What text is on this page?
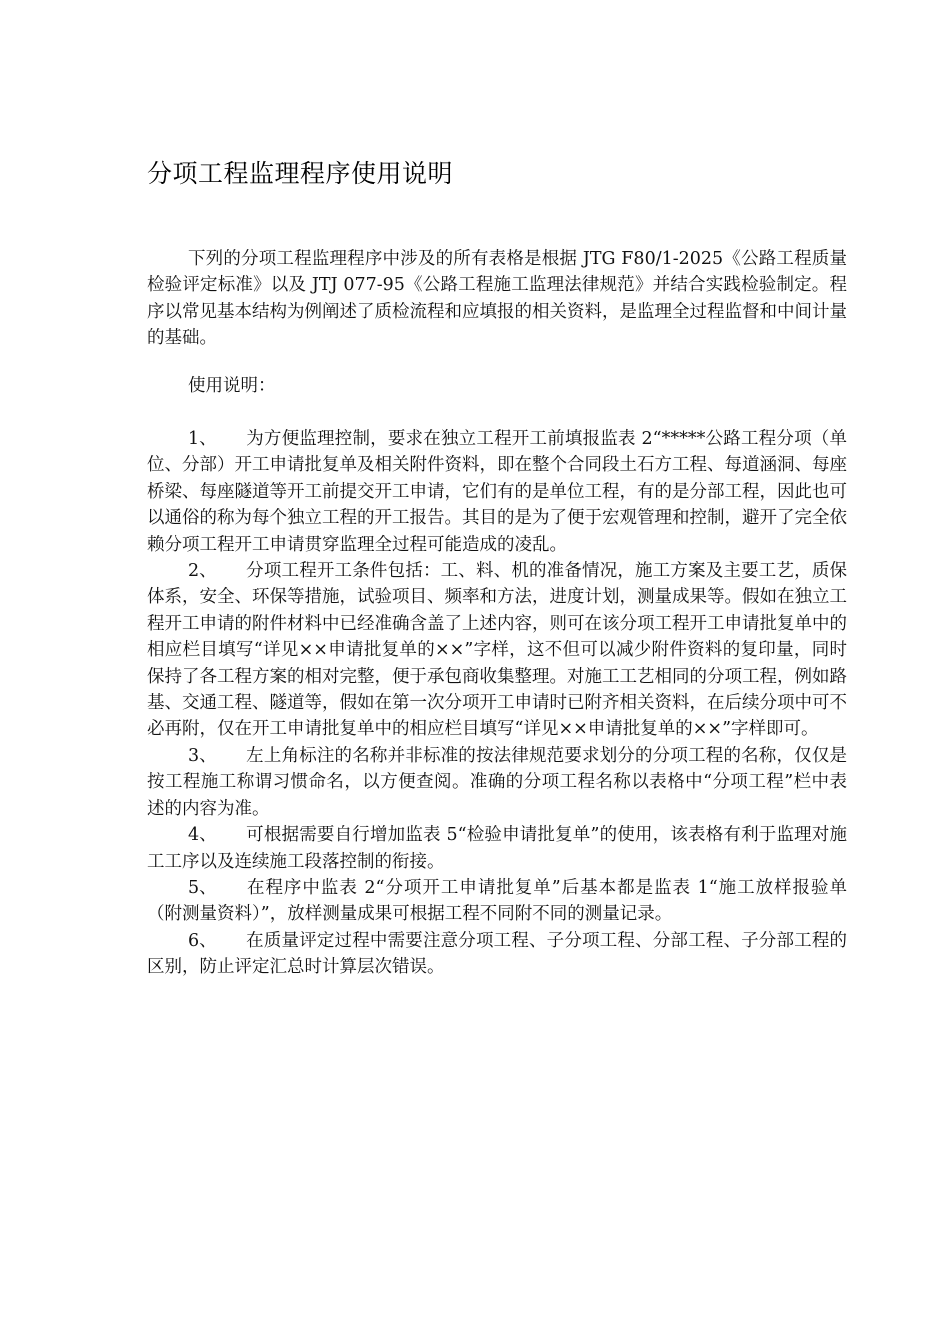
分项工程监理程序使用说明

下列的分项工程监理程序中涉及的所有表格是根据 JTG F80/1-2025《公路工程质量检验评定标准》以及 JTJ 077-95《公路工程施工监理法律规范》并结合实践检验制定。程序以常见基本结构为例阐述了质检流程和应填报的相关资料，是监理全过程监督和中间计量的基础。

使用说明：

1、 为方便监理控制，要求在独立工程开工前填报监表 2“*****公路工程分项（单位、分部）开工申请批复单及相关附件资料，即在整个合同段土石方工程、每道涵洞、每座桥梁、每座隧道等开工前提交开工申请，它们有的是单位工程，有的是分部工程，因此也可以通俗的称为每个独立工程的开工报告。其目的是为了便于宏观管理和控制，避开了完全依赖分项工程开工申请贯穿监理全过程可能造成的凌乱。

2、 分项工程开工条件包括：工、料、机的准备情况，施工方案及主要工艺，质保体系，安全、环保等措施，试验项目、频率和方法，进度计划，测量成果等。假如在独立工程开工申请的附件材料中已经准确含盖了上述内容，则可在该分项工程开工申请批复单中的相应栏目填写“详见××申请批复单的××”字样，这不但可以减少附件资料的复印量，同时保持了各工程方案的相对完整，便于承包商收集整理。对施工工艺相同的分项工程，例如路基、交通工程、隧道等，假如在第一次分项开工申请时已附齐相关资料，在后续分项中可不必再附，仅在开工申请批复单中的相应栏目填写“详见××申请批复单的××”字样即可。

3、 左上角标注的名称并非标准的按法律规范要求划分的分项工程的名称，仅仅是按工程施工称谓习惯命名，以方便查阅。准确的分项工程名称以表格中“分项工程”栏中表述的内容为准。

4、 可根据需要自行增加监表 5“检验申请批复单”的使用，该表格有利于监理对施工工序以及连续施工段落控制的衔接。

5、 在程序中监表 2“分项开工申请批复单”后基本都是监表 1“施工放样报验单（附测量资料）”，放样测量成果可根据工程不同附不同的测量记录。

6、 在质量评定过程中需要注意分项工程、子分项工程、分部工程、子分部工程的区别，防止评定汇总时计算层次错误。
